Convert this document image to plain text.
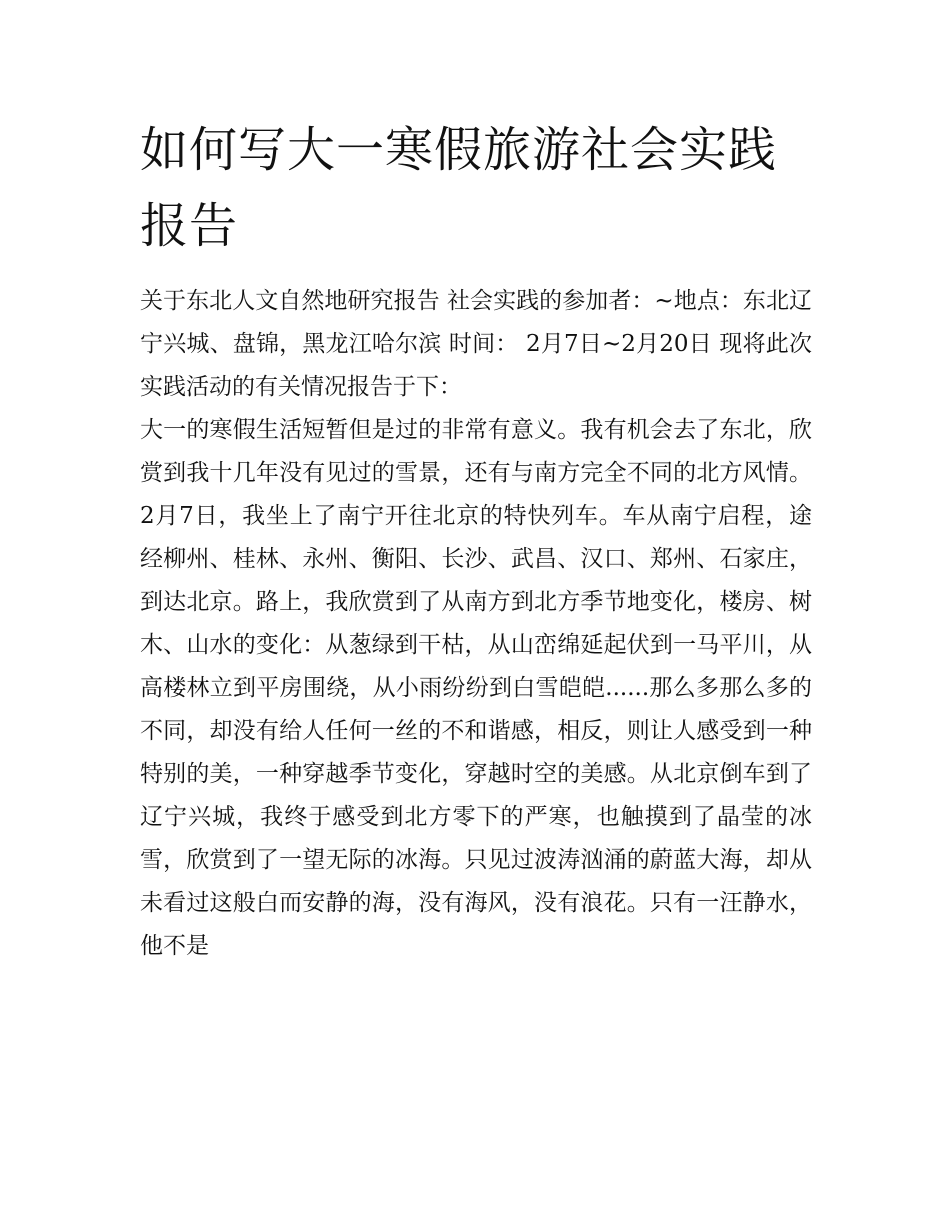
如何写大一寒假旅游社会实践报告

关于东北人文自然地研究报告 社会实践的参加者：~地点：东北辽宁兴城、盘锦，黑龙江哈尔滨 时间： 2月7日~2月20日 现将此次实践活动的有关情况报告于下：

大一的寒假生活短暂但是过的非常有意义。我有机会去了东北，欣赏到我十几年没有见过的雪景，还有与南方完全不同的北方风情。2月7日，我坐上了南宁开往北京的特快列车。车从南宁启程，途经柳州、桂林、永州、衡阳、长沙、武昌、汉口、郑州、石家庄，到达北京。路上，我欣赏到了从南方到北方季节地变化，楼房、树木、山水的变化：从葱绿到干枯，从山峦绵延起伏到一马平川，从高楼林立到平房围绕，从小雨纷纷到白雪皑皑......那么多那么多的不同，却没有给人任何一丝的不和谐感，相反，则让人感受到一种特别的美，一种穿越季节变化，穿越时空的美感。从北京倒车到了辽宁兴城，我终于感受到北方零下的严寒，也触摸到了晶莹的冰雪，欣赏到了一望无际的冰海。只见过波涛汹涌的蔚蓝大海，却从未看过这般白而安静的海，没有海风，没有浪花。只有一汪静水，他不是
